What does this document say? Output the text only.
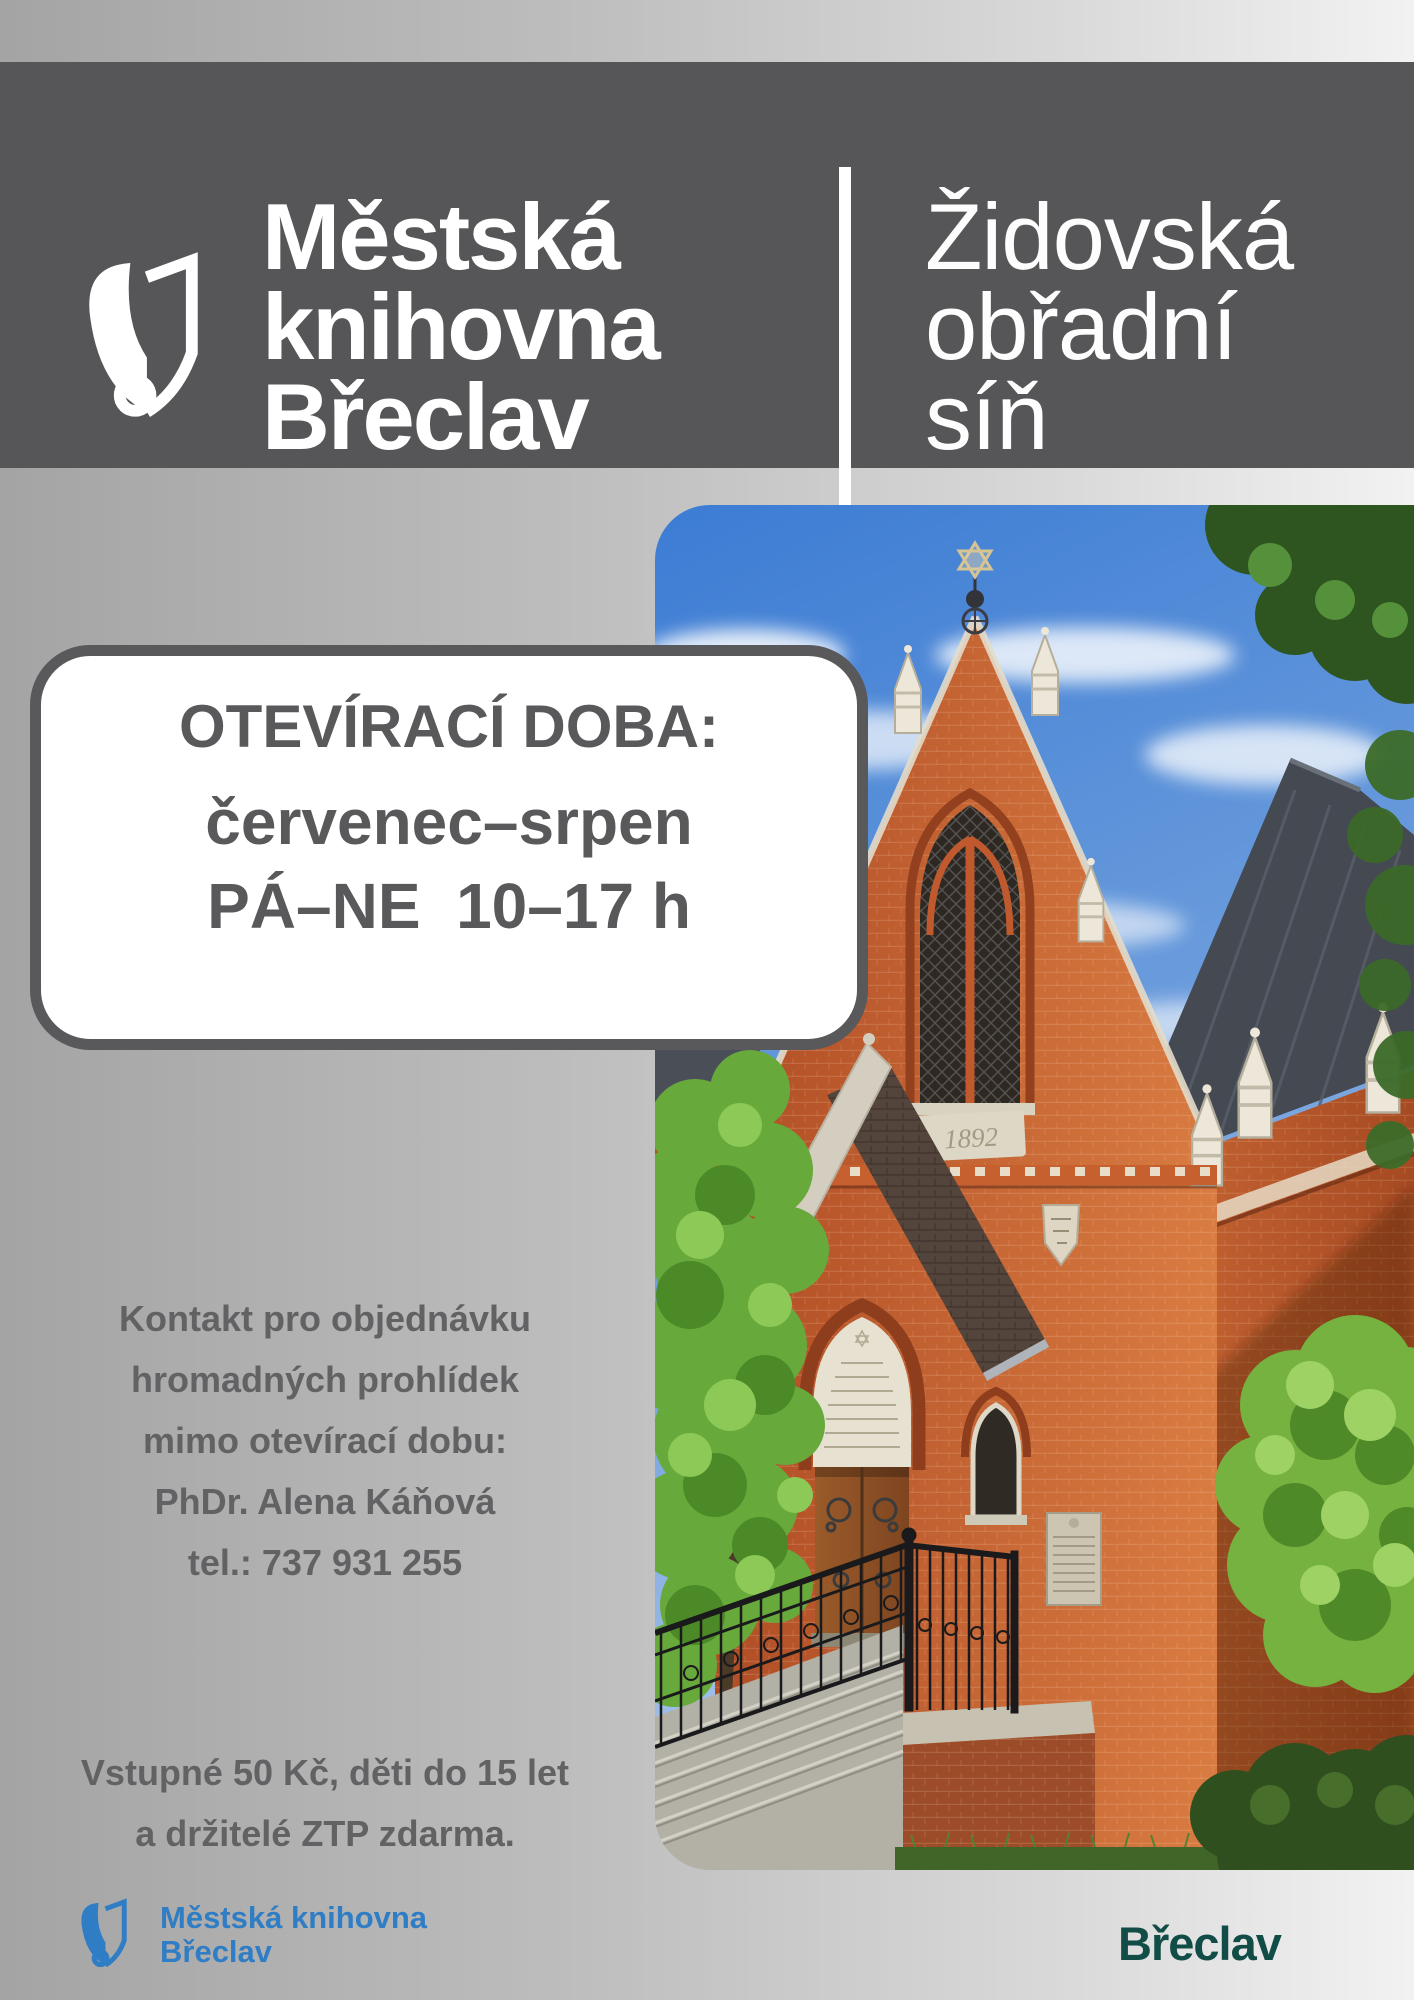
Městská
knihovna
Břeclav
Židovská
obřadní
síň
1892
OTEVÍRACÍ DOBA:
červenec–srpen
PÁ–NE  10–17 h
Kontakt pro objednávku
hromadných prohlídek
mimo otevírací dobu:
PhDr. Alena Káňová
tel.: 737 931 255
Vstupné 50 Kč, děti do 15 let
a držitelé ZTP zdarma.
Městská knihovna
Břeclav	Břeclav
